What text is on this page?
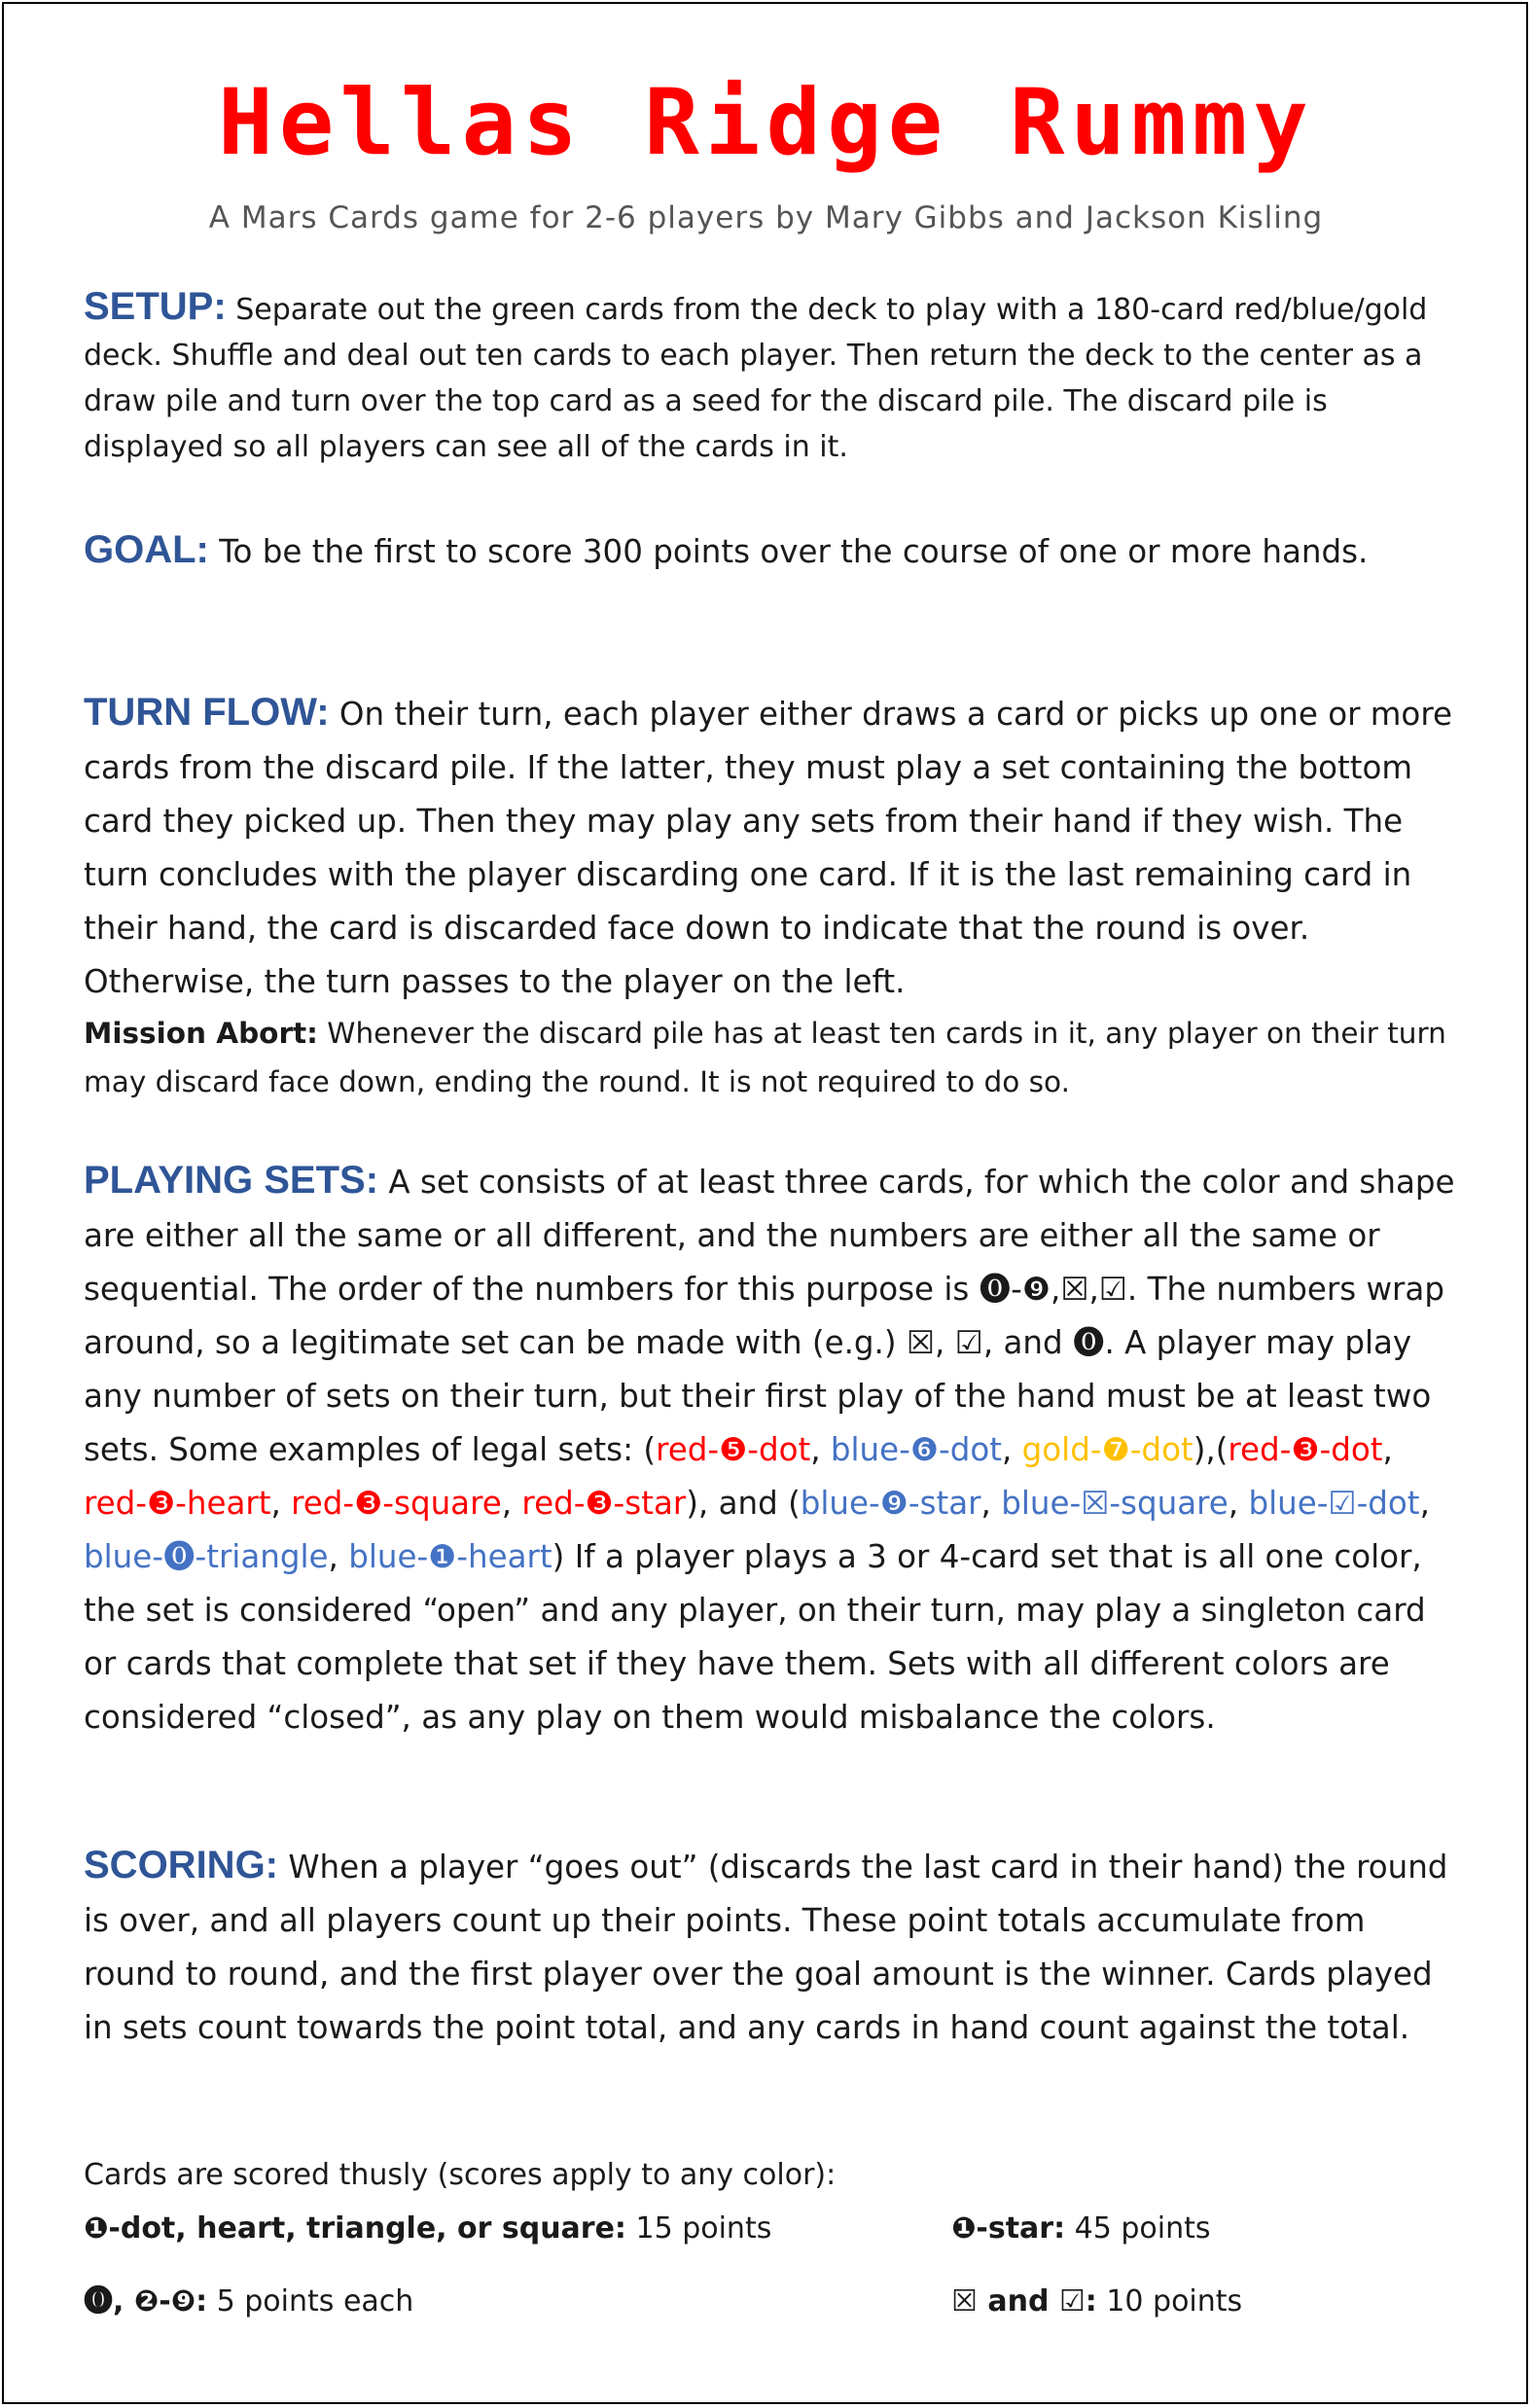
Hellas Ridge Rummy
A Mars Cards game for 2-6 players by Mary Gibbs and Jackson Kisling
SETUP: Separate out the green cards from the deck to play with a 180-card red/blue/gold deck. Shuffle and deal out ten cards to each player. Then return the deck to the center as a draw pile and turn over the top card as a seed for the discard pile. The discard pile is displayed so all players can see all of the cards in it.
GOAL: To be the first to score 300 points over the course of one or more hands.
TURN FLOW: On their turn, each player either draws a card or picks up one or more cards from the discard pile. If the latter, they must play a set containing the bottom card they picked up. Then they may play any sets from their hand if they wish. The turn concludes with the player discarding one card. If it is the last remaining card in their hand, the card is discarded face down to indicate that the round is over. Otherwise, the turn passes to the player on the left.
Mission Abort: Whenever the discard pile has at least ten cards in it, any player on their turn may discard face down, ending the round. It is not required to do so.
PLAYING SETS: A set consists of at least three cards, for which the color and shape are either all the same or all different, and the numbers are either all the same or sequential. The order of the numbers for this purpose is ⓿-❾,☒,☑. The numbers wrap around, so a legitimate set can be made with (e.g.) ☒, ☑, and ⓿. A player may play any number of sets on their turn, but their first play of the hand must be at least two sets. Some examples of legal sets: (red-❺-dot, blue-❻-dot, gold-❼-dot),(red-❸-dot, red-❸-heart, red-❸-square, red-❸-star), and (blue-❾-star, blue-☒-square, blue-☑-dot, blue-⓿-triangle, blue-❶-heart) If a player plays a 3 or 4-card set that is all one color, the set is considered “open” and any player, on their turn, may play a singleton card or cards that complete that set if they have them. Sets with all different colors are considered “closed”, as any play on them would misbalance the colors.
SCORING: When a player “goes out” (discards the last card in their hand) the round is over, and all players count up their points. These point totals accumulate from round to round, and the first player over the goal amount is the winner. Cards played in sets count towards the point total, and any cards in hand count against the total.
Cards are scored thusly (scores apply to any color):
❶-dot, heart, triangle, or square: 15 points	❶-star: 45 points
⓿, ❷-❾: 5 points each	☒ and ☑: 10 points
